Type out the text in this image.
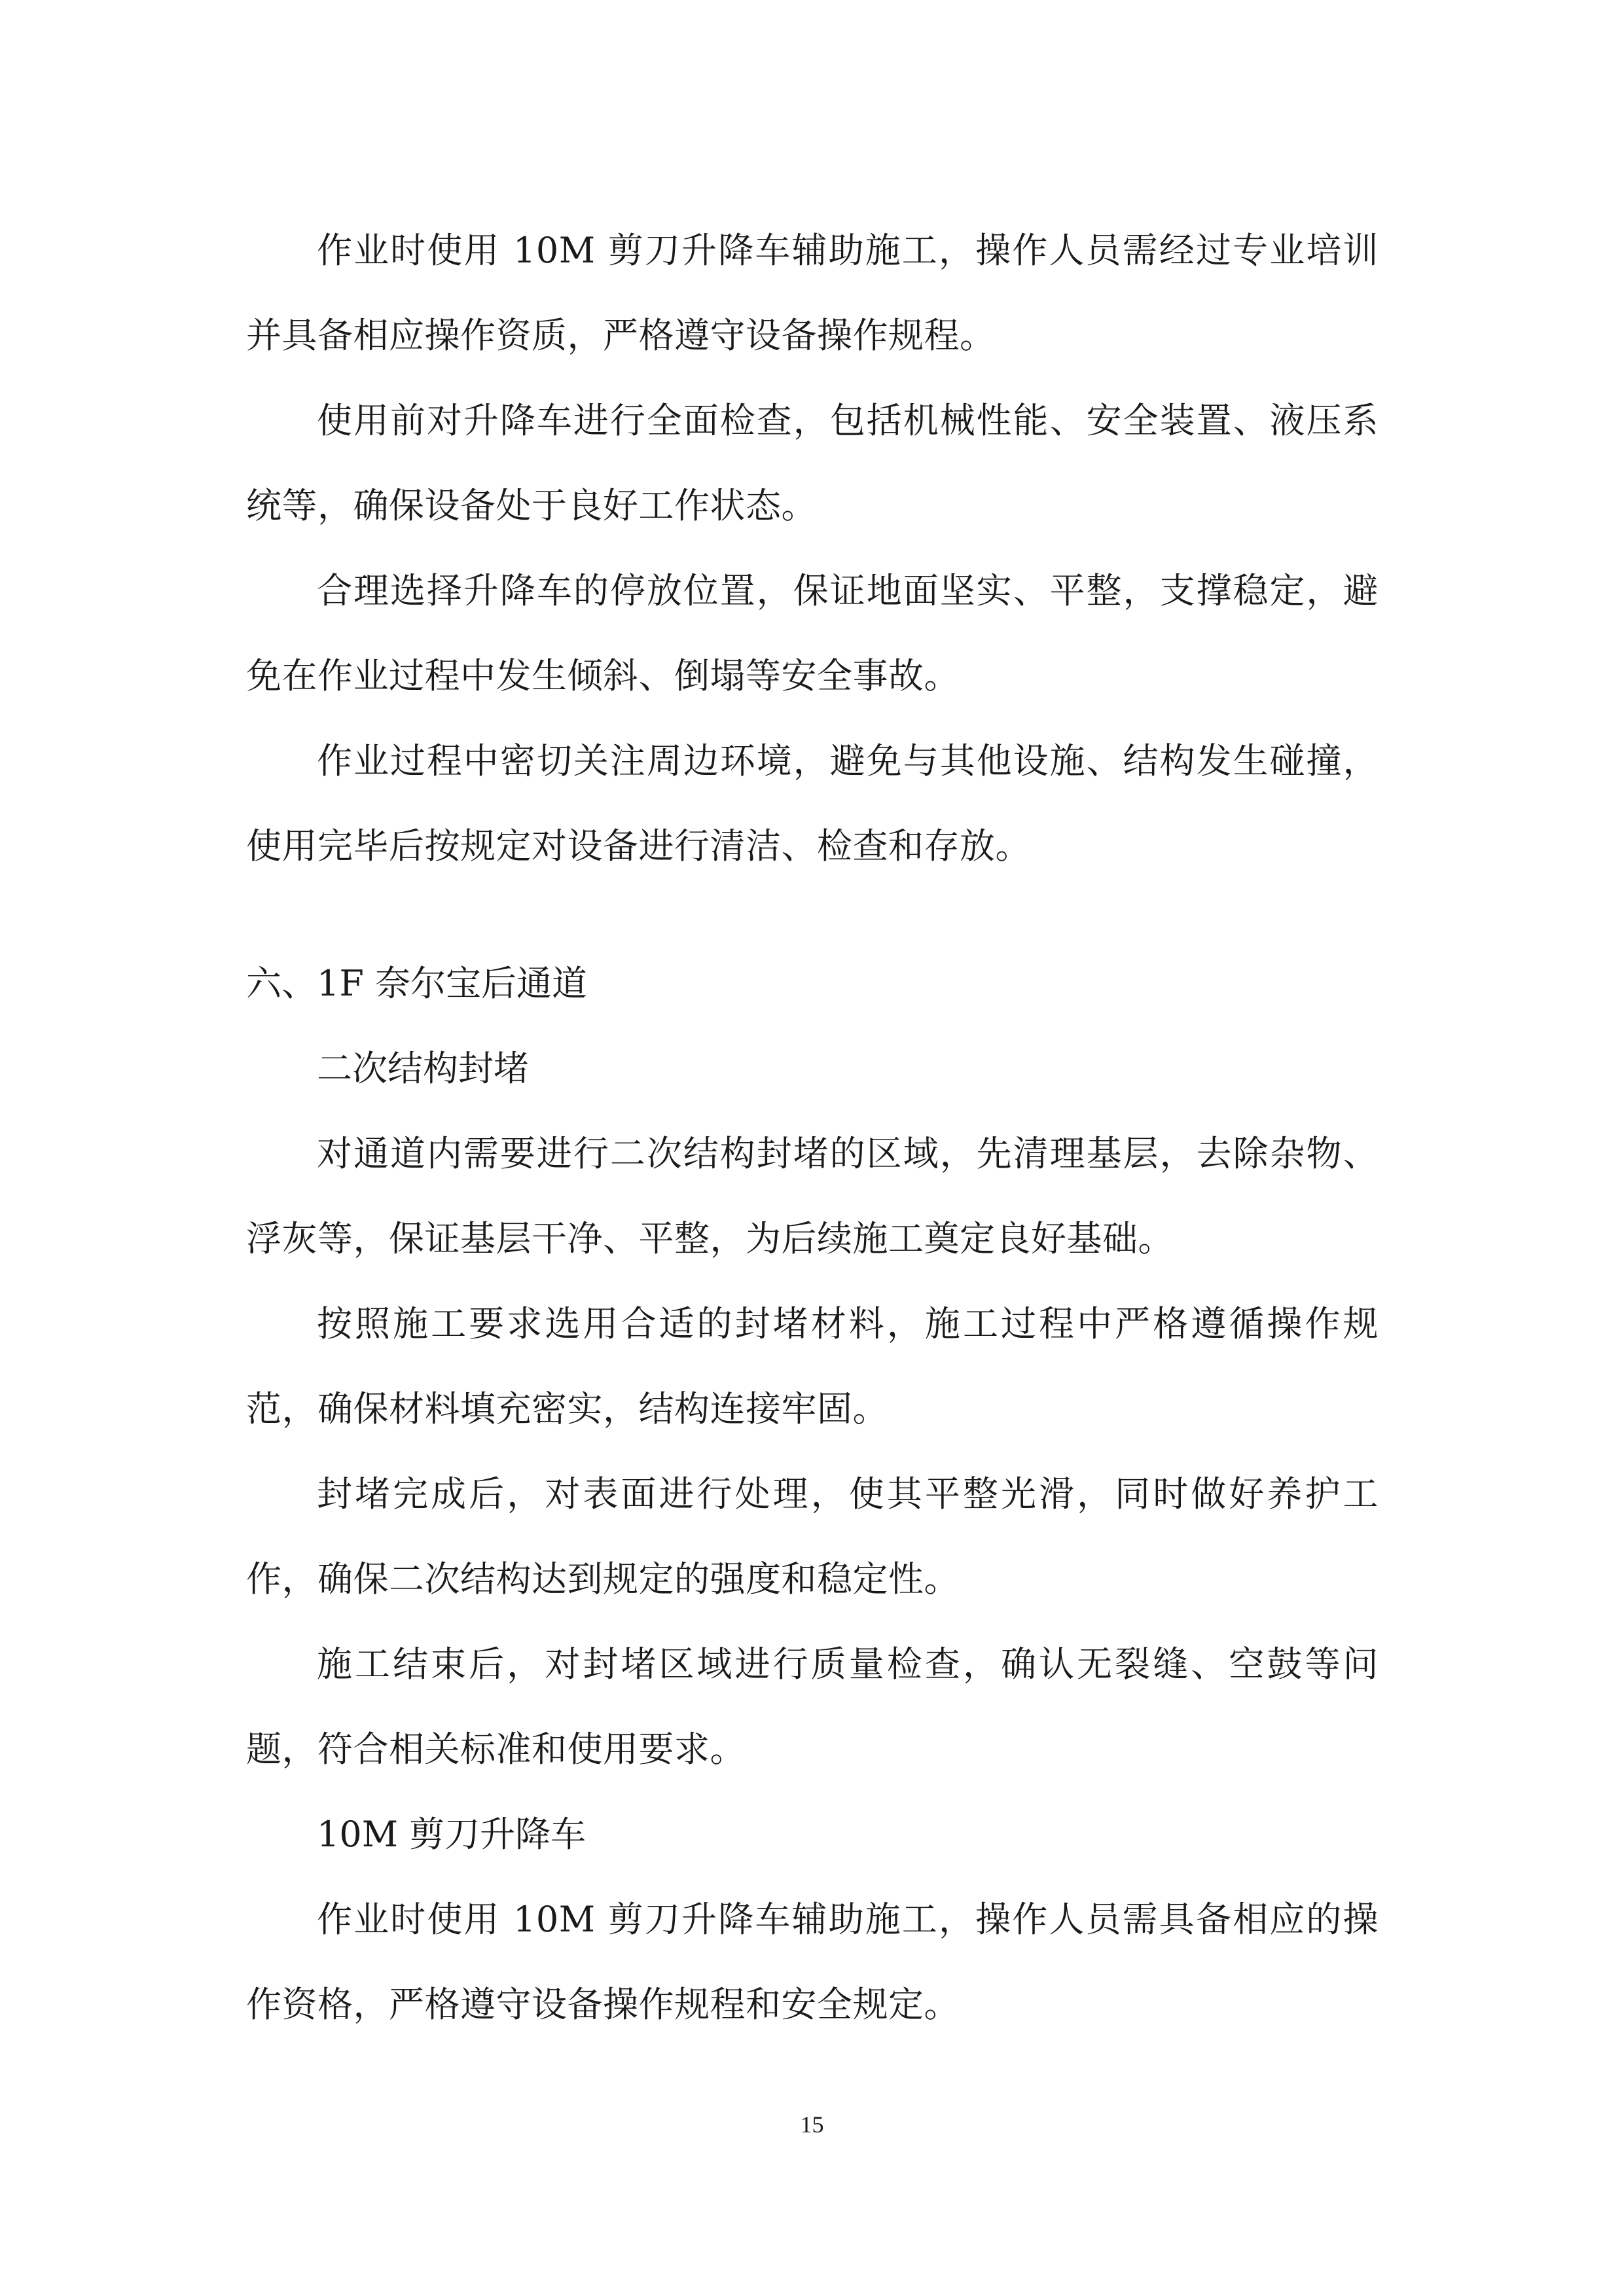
作业时使用 10M 剪刀升降车辅助施工，操作人员需经过专业培训并具备相应操作资质，严格遵守设备操作规程。

使用前对升降车进行全面检查，包括机械性能、安全装置、液压系统等，确保设备处于良好工作状态。

合理选择升降车的停放位置，保证地面坚实、平整，支撑稳定，避免在作业过程中发生倾斜、倒塌等安全事故。

作业过程中密切关注周边环境，避免与其他设施、结构发生碰撞，使用完毕后按规定对设备进行清洁、检查和存放。

六、1F 奈尔宝后通道

二次结构封堵

对通道内需要进行二次结构封堵的区域，先清理基层，去除杂物、浮灰等，保证基层干净、平整，为后续施工奠定良好基础。

按照施工要求选用合适的封堵材料，施工过程中严格遵循操作规范，确保材料填充密实，结构连接牢固。

封堵完成后，对表面进行处理，使其平整光滑，同时做好养护工作，确保二次结构达到规定的强度和稳定性。

施工结束后，对封堵区域进行质量检查，确认无裂缝、空鼓等问题，符合相关标准和使用要求。

10M 剪刀升降车

作业时使用 10M 剪刀升降车辅助施工，操作人员需具备相应的操作资格，严格遵守设备操作规程和安全规定。

15
